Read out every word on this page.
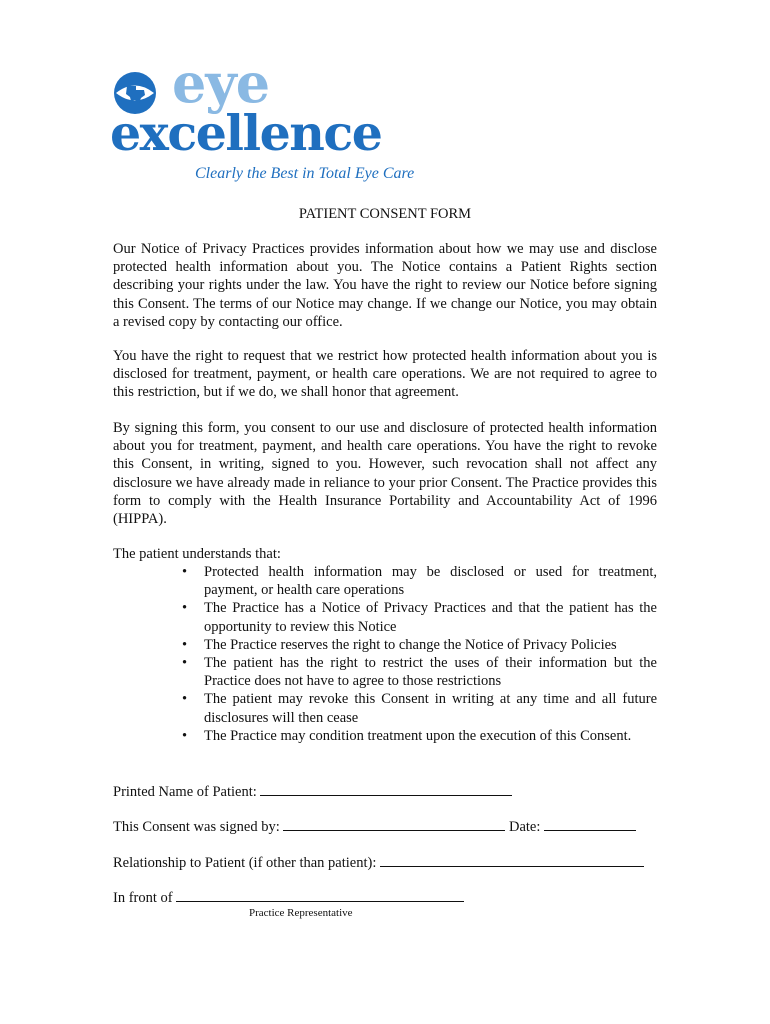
eye
excellence
Clearly the Best in Total Eye Care
PATIENT CONSENT FORM

Our Notice of Privacy Practices provides information about how we may use and disclose protected health information about you. The Notice contains a Patient Rights section describing your rights under the law. You have the right to review our Notice before signing this Consent. The terms of our Notice may change. If we change our Notice, you may obtain a revised copy by contacting our office.

You have the right to request that we restrict how protected health information about you is disclosed for treatment, payment, or health care operations. We are not required to agree to this restriction, but if we do, we shall honor that agreement.

By signing this form, you consent to our use and disclosure of protected health information about you for treatment, payment, and health care operations. You have the right to revoke this Consent, in writing, signed to you. However, such revocation shall not affect any disclosure we have already made in reliance to your prior Consent. The Practice provides this form to comply with the Health Insurance Portability and Accountability Act of 1996 (HIPPA).

The patient understands that:

• Protected health information may be disclosed or used for treatment, payment, or health care operations
• The Practice has a Notice of Privacy Practices and that the patient has the opportunity to review this Notice
• The Practice reserves the right to change the Notice of Privacy Policies
• The patient has the right to restrict the uses of their information but the Practice does not have to agree to those restrictions
• The patient may revoke this Consent in writing at any time and all future disclosures will then cease
• The Practice may condition treatment upon the execution of this Consent.
Printed Name of Patient:
This Consent was signed by:	Date:
Relationship to Patient (if other than patient):
In front of
Practice Representative
